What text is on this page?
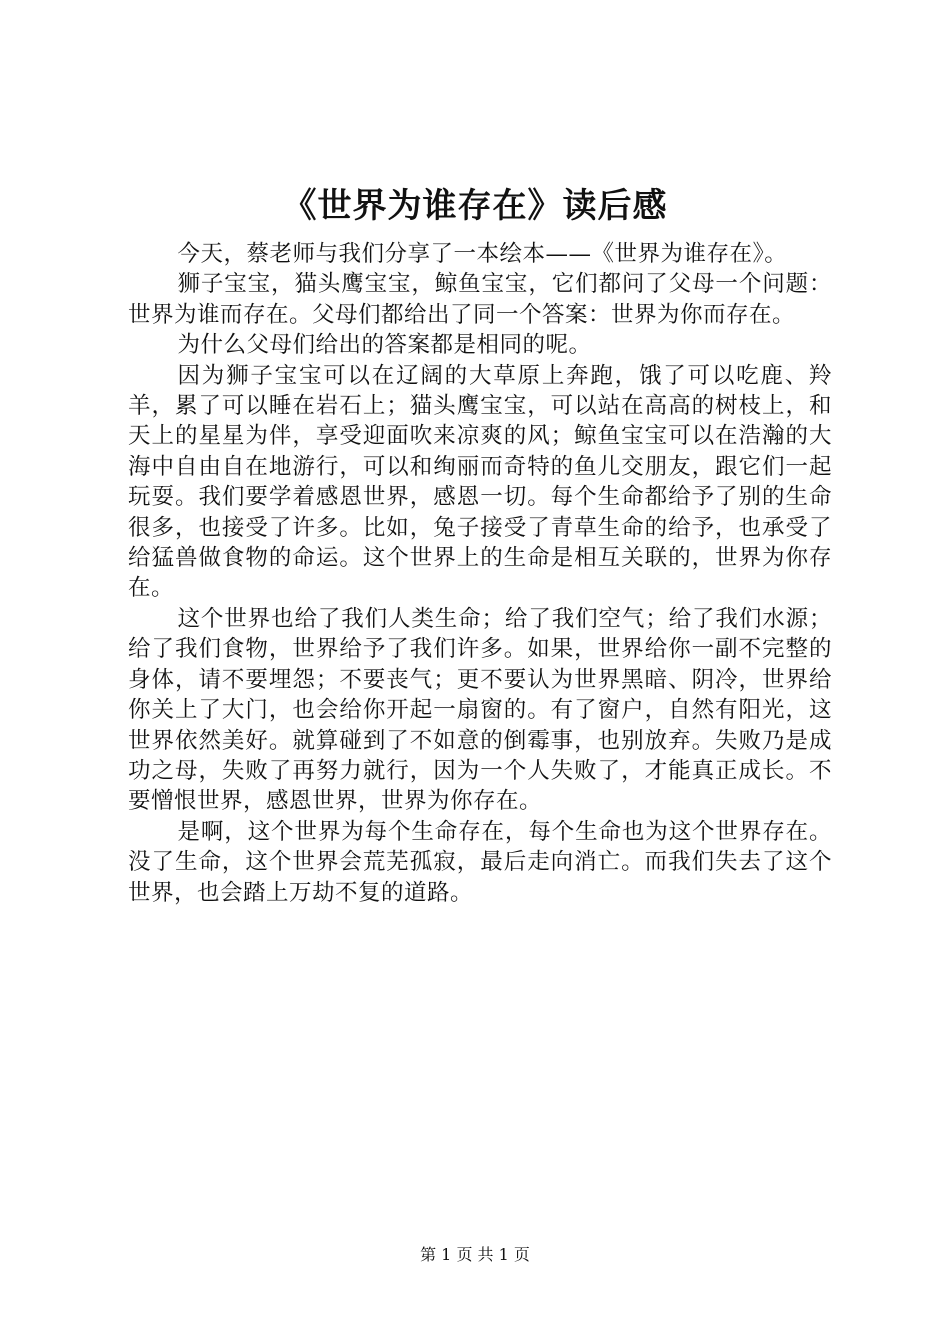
《世界为谁存在》读后感

今天，蔡老师与我们分享了一本绘本——《世界为谁存在》。

狮子宝宝，猫头鹰宝宝，鲸鱼宝宝，它们都问了父母一个问题：世界为谁而存在。父母们都给出了同一个答案：世界为你而存在。

为什么父母们给出的答案都是相同的呢。

因为狮子宝宝可以在辽阔的大草原上奔跑，饿了可以吃鹿、羚羊，累了可以睡在岩石上；猫头鹰宝宝，可以站在高高的树枝上，和天上的星星为伴，享受迎面吹来凉爽的风；鲸鱼宝宝可以在浩瀚的大海中自由自在地游行，可以和绚丽而奇特的鱼儿交朋友，跟它们一起玩耍。我们要学着感恩世界，感恩一切。每个生命都给予了别的生命很多，也接受了许多。比如，兔子接受了青草生命的给予，也承受了给猛兽做食物的命运。这个世界上的生命是相互关联的，世界为你存在。

这个世界也给了我们人类生命；给了我们空气；给了我们水源；给了我们食物，世界给予了我们许多。如果，世界给你一副不完整的身体，请不要埋怨；不要丧气；更不要认为世界黑暗、阴冷，世界给你关上了大门，也会给你开起一扇窗的。有了窗户，自然有阳光，这世界依然美好。就算碰到了不如意的倒霉事，也别放弃。失败乃是成功之母，失败了再努力就行，因为一个人失败了，才能真正成长。不要憎恨世界，感恩世界，世界为你存在。

是啊，这个世界为每个生命存在，每个生命也为这个世界存在。没了生命，这个世界会荒芜孤寂，最后走向消亡。而我们失去了这个世界，也会踏上万劫不复的道路。

第 1 页 共 1 页
